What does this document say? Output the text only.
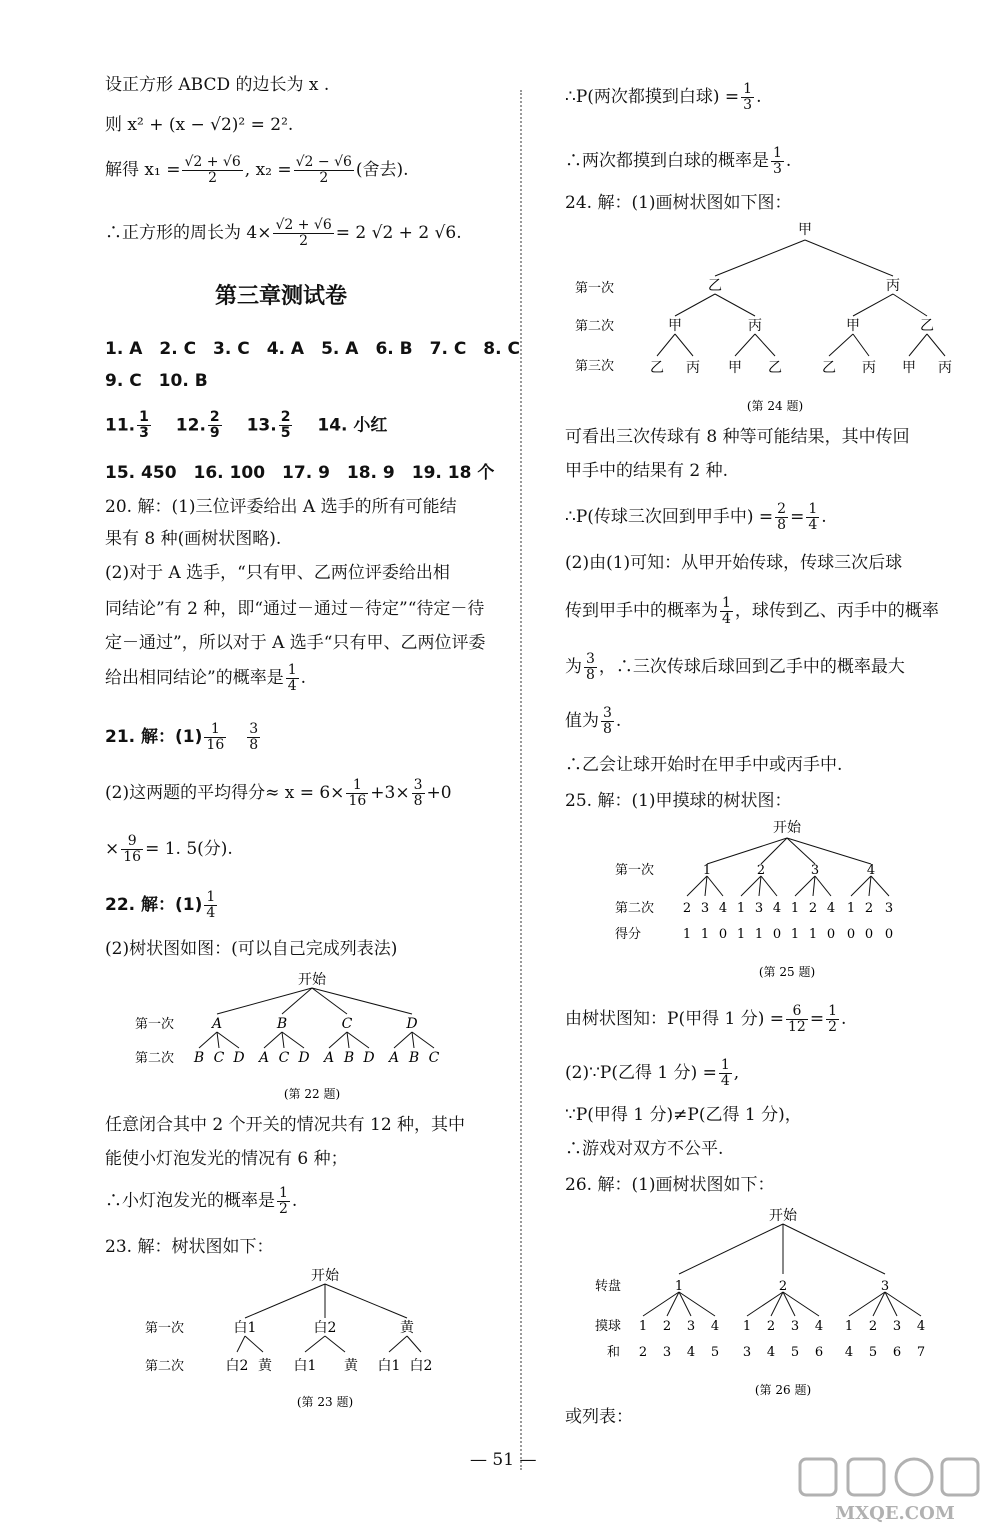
设正方形 ABCD 的边长为 x .
则 x² + (x − √2)² = 2².
解得 $x_1 = \frac{√2 + √6}{2}$ , $x_2 = \frac{√2 - √6}{2}$ (舍去).
∴正方形的周长为 $4\times \frac{√2 + √6}{2} = 2$ √2 + 2 √6.
第三章测试卷
1. A　2. C　3. C　4. A　5. A　6. B　7. C　8. C
9. C　10. B
11. $\frac{1}{3}$
　 12. $\frac{2}{9}$
　 13. $\frac{2}{5}$
　 14. 小红
15. 450　16. 100　17. 9　18. 9　19. 18 个
20. 解：(1)三位评委给出 A 选手的所有可能结
果有 8 种(画树状图略).
(2)对于 A 选手，“只有甲、乙两位评委给出相
同结论”有 2 种，即“通过－通过－待定”“待定－待
定－通过”，所以对于 A 选手“只有甲、乙两位评委
给出相同结论”的概率是 $\frac{1}{4}$ .
21. 解：$(1) \frac{1}{16}$
　 $\frac{3}{8}$
(2)这两题的平均得分≈ $x = 6\times \frac{1}{16} +3\times \frac{3}{8} +0$
× $\frac{9}{16} = 1$. 5(分).
22. 解：$(1) \frac{1}{4}$
(2)树状图如图：(可以自己完成列表法)
开始
第一次
第二次
A	B	C	D
B C D A C D A B D A B C
(第 22 题)
任意闭合其中 2 个开关的情况共有 12 种，其中
能使小灯泡发光的情况有 6 种；
∴小灯泡发光的概率是 $\frac{1}{2}$ .
23. 解：树状图如下：
开始
第一次
第二次
白1	白2	黄
白2 黄 白1 黄 白1 白2
(第 23 题)
∴P(两次都摸到白球) = $\frac{1}{3}$ .
∴两次都摸到白球的概率是 $\frac{1}{3}$ .
24. 解：(1)画树状图如下图：
甲
第一次
第二次
第三次
乙	丙
甲	丙	甲	乙
乙 丙 甲 乙	乙 丙 甲 丙
(第 24 题)
可看出三次传球有 8 种等可能结果，其中传回
甲手中的结果有 2 种.
∴P(传球三次回到甲手中) = $\frac{2}{8} = \frac{1}{4}$ .
(2)由(1)可知：从甲开始传球，传球三次后球
传到甲手中的概率为 $\frac{1}{4}$ ，球传到乙、丙手中的概率
为 $\frac{3}{8}$ ，∴三次传球后球回到乙手中的概率最大
值为 $\frac{3}{8}$ .
∴乙会让球开始时在甲手中或丙手中.
25. 解：(1)甲摸球的树状图：
开始
第一次
第二次
得分
1	2	3	4
2 3 4 1 3 4 1 2 4 1 2 3
1 1 0 1 1 0 1 1 0 0 0 0
(第 25 题)
由树状图知：P(甲得 1 分) = $\frac{6}{12} = \frac{1}{2}$ .
(2)∵P(乙得 1 分) = $\frac{1}{4}$ ,
∵P(甲得 1 分)≠P(乙得 1 分)，
∴游戏对双方不公平.
26. 解：(1)画树状图如下：
开始
转盘
摸球
和
1	2	3
1 2 3 4 1 2 3 4 1 2 3 4
2 3 4 5 3 4 5 6 4 5 6 7
(第 26 题)
或列表：
— 51 —
MXQE.COM
